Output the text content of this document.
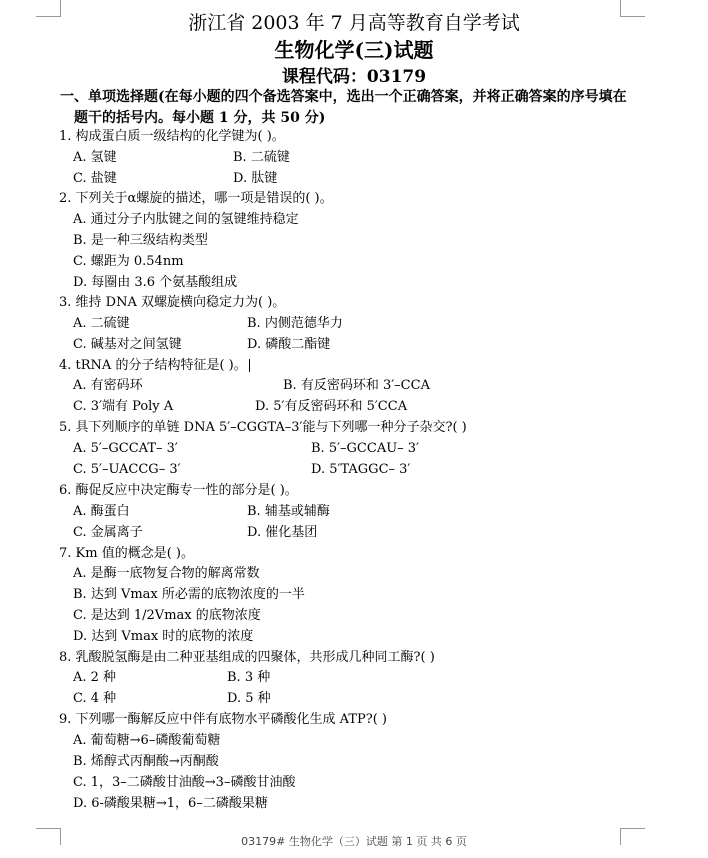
浙江省 2003 年 7 月高等教育自学考试
生物化学(三)试题
课程代码：03179
一、单项选择题(在每小题的四个备选答案中，选出一个正确答案，并将正确答案的序号填在
题干的括号内。每小题 1 分，共 50 分)
1. 构成蛋白质一级结构的化学键为( )。
A. 氢键	B. 二硫键
C. 盐键	D. 肽键
2. 下列关于α螺旋的描述，哪一项是错误的( )。
A. 通过分子内肽键之间的氢键维持稳定
B. 是一种三级结构类型
C. 螺距为 0.54nm
D. 每圈由 3.6 个氨基酸组成
3. 维持 DNA 双螺旋横向稳定力为( )。
A. 二硫键	B. 内侧范德华力
C. 碱基对之间氢键	D. 磷酸二酯键
4. tRNA 的分子结构特征是( )。
A. 有密码环	B. 有反密码环和 3′–CCA
C. 3′端有 Poly A	D. 5′有反密码环和 5′CCA
5. 具下列顺序的单链 DNA 5′–CGGTA–3′能与下列哪一种分子杂交?( )
A. 5′–GCCAT– 3′	B. 5′–GCCAU– 3′
C. 5′–UACCG– 3′	D. 5′TAGGC– 3′
6. 酶促反应中决定酶专一性的部分是( )。
A. 酶蛋白	B. 辅基或辅酶
C. 金属离子	D. 催化基团
7. Km 值的概念是( )。
A. 是酶一底物复合物的解离常数
B. 达到 Vmax 所必需的底物浓度的一半
C. 是达到 1/2Vmax 的底物浓度
D. 达到 Vmax 时的底物的浓度
8. 乳酸脱氢酶是由二种亚基组成的四聚体，共形成几种同工酶?( )
A. 2 种	B. 3 种
C. 4 种	D. 5 种
9. 下列哪一酶解反应中伴有底物水平磷酸化生成 ATP?( )
A. 葡萄糖→6–磷酸葡萄糖
B. 烯醇式丙酮酸→丙酮酸
C. 1，3–二磷酸甘油酸→3–磷酸甘油酸
D. 6-磷酸果糖→1，6–二磷酸果糖
03179# 生物化学（三）试题 第 1 页 共 6 页
